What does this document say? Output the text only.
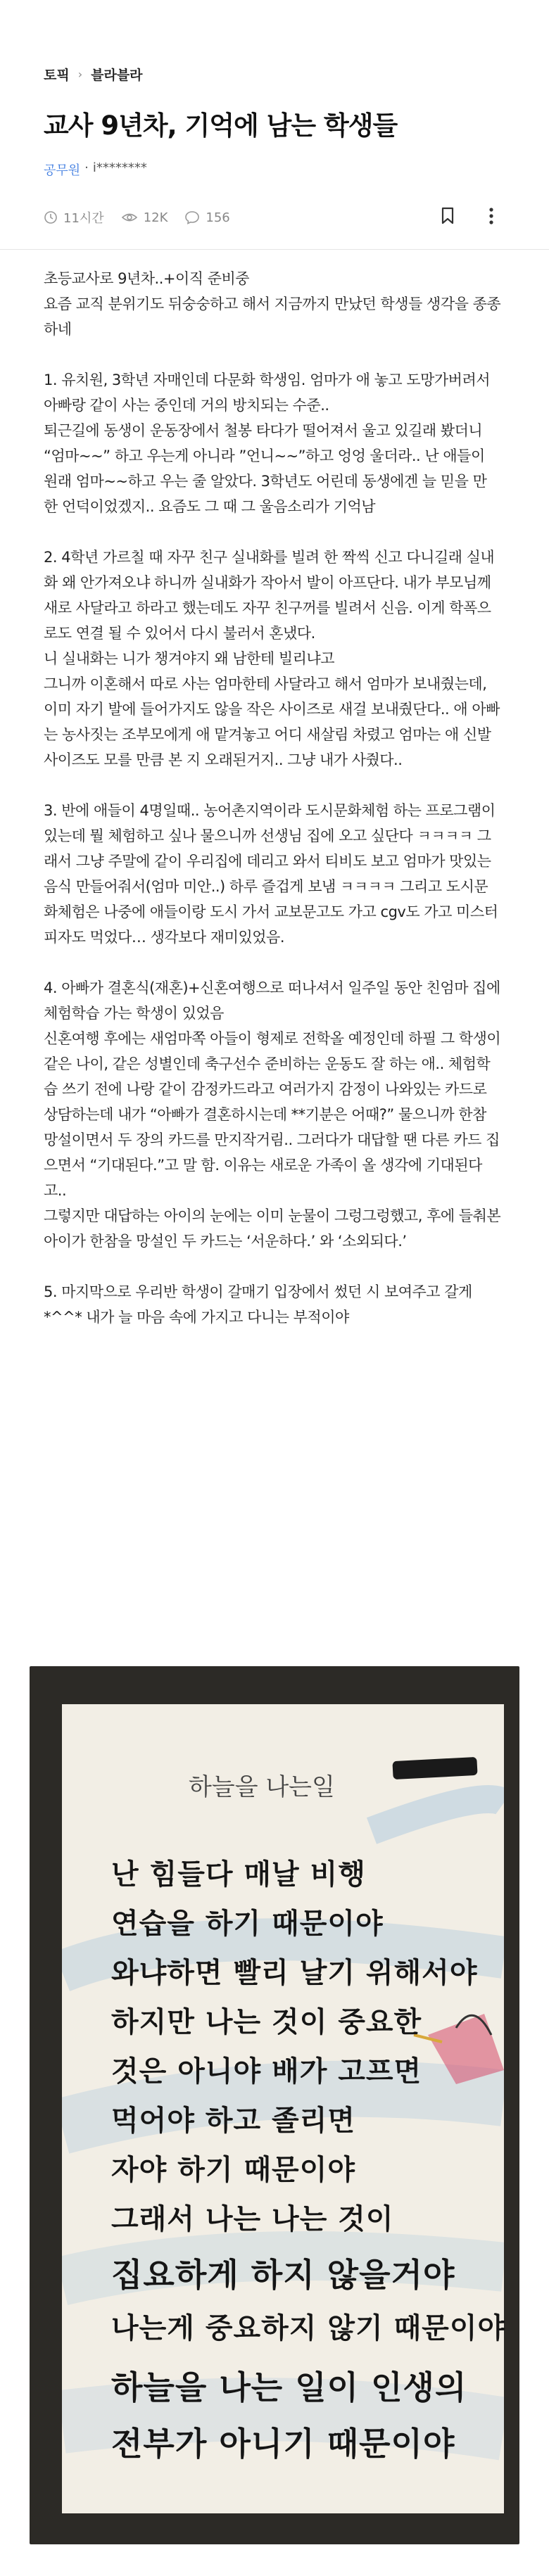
토픽 › 블라블라
교사 9년차, 기억에 남는 학생들
공무원 · i********
11시간	12K	156

초등교사로 9년차..+이직 준비중
요즘 교직 분위기도 뒤숭숭하고 해서 지금까지 만났던 학생들 생각을 종종 하네

1. 유치원, 3학년 자매인데 다문화 학생임. 엄마가 애 놓고 도망가버려서 아빠랑 같이 사는 중인데 거의 방치되는 수준..
퇴근길에 동생이 운동장에서 철봉 타다가 떨어져서 울고 있길래 봤더니
“엄마~~” 하고 우는게 아니라 ”언니~~”하고 엉엉 울더라.. 난 애들이 원래 엄마~~하고 우는 줄 알았다. 3학년도 어린데 동생에겐 늘 믿을 만 한 언덕이었겠지.. 요즘도 그 때 그 울음소리가 기억남

2. 4학년 가르칠 때 자꾸 친구 실내화를 빌려 한 짝씩 신고 다니길래 실내화 왜 안가져오냐 하니까 실내화가 작아서 발이 아프단다. 내가 부모님께 새로 사달라고 하라고 했는데도 자꾸 친구꺼를 빌려서 신음. 이게 학폭으로도 연결 될 수 있어서 다시 불러서 혼냈다.
니 실내화는 니가 챙겨야지 왜 남한테 빌리냐고
그니까 이혼해서 따로 사는 엄마한테 사달라고 해서 엄마가 보내줬는데, 이미 자기 발에 들어가지도 않을 작은 사이즈로 새걸 보내줬단다.. 애 아빠는 농사짓는 조부모에게 애 맡겨놓고 어디 새살림 차렸고 엄마는 애 신발 사이즈도 모를 만큼 본 지 오래된거지.. 그냥 내가 사줬다..

3. 반에 애들이 4명일때.. 농어촌지역이라 도시문화체험 하는 프로그램이 있는데 뭘 체험하고 싶나 물으니까 선생님 집에 오고 싶단다 ㅋㅋㅋㅋ 그래서 그냥 주말에 같이 우리집에 데리고 와서 티비도 보고 엄마가 맛있는 음식 만들어줘서(엄마 미안..) 하루 즐겁게 보냄 ㅋㅋㅋㅋ 그리고 도시문화체험은 나중에 애들이랑 도시 가서 교보문고도 가고 cgv도 가고 미스터피자도 먹었다… 생각보다 재미있었음.

4. 아빠가 결혼식(재혼)+신혼여행으로 떠나셔서 일주일 동안 친엄마 집에 체험학습 가는 학생이 있었음
신혼여행 후에는 새엄마쪽 아들이 형제로 전학올 예정인데 하필 그 학생이 같은 나이, 같은 성별인데 축구선수 준비하는 운동도 잘 하는 애.. 체험학습 쓰기 전에 나랑 같이 감정카드라고 여러가지 감정이 나와있는 카드로 상담하는데 내가 “아빠가 결혼하시는데 **기분은 어때?” 물으니까 한참 망설이면서 두 장의 카드를 만지작거림.. 그러다가 대답할 땐 다른 카드 집으면서 “기대된다.”고 말 함. 이유는 새로운 가족이 올 생각에 기대된다고..
그렇지만 대답하는 아이의 눈에는 이미 눈물이 그렁그렁했고, 후에 들춰본 아이가 한참을 망설인 두 카드는 ‘서운하다.’ 와 ‘소외되다.’

5. 마지막으로 우리반 학생이 갈매기 입장에서 썼던 시 보여주고 갈게*^^* 내가 늘 마음 속에 가지고 다니는 부적이야

하늘을 나는일
난 힘들다 매날 비행
연습을 하기 때문이야
와냐하면 빨리 날기 위해서야
하지만 나는 것이 중요한
것은 아니야 배가 고프면
먹어야 하고 졸리면
자야 하기 때문이야
그래서 나는 나는 것이
집요하게 하지 않을거야
나는게 중요하지 않기 때문이야
하늘을 나는 일이 인생의
전부가 아니기 때문이야
